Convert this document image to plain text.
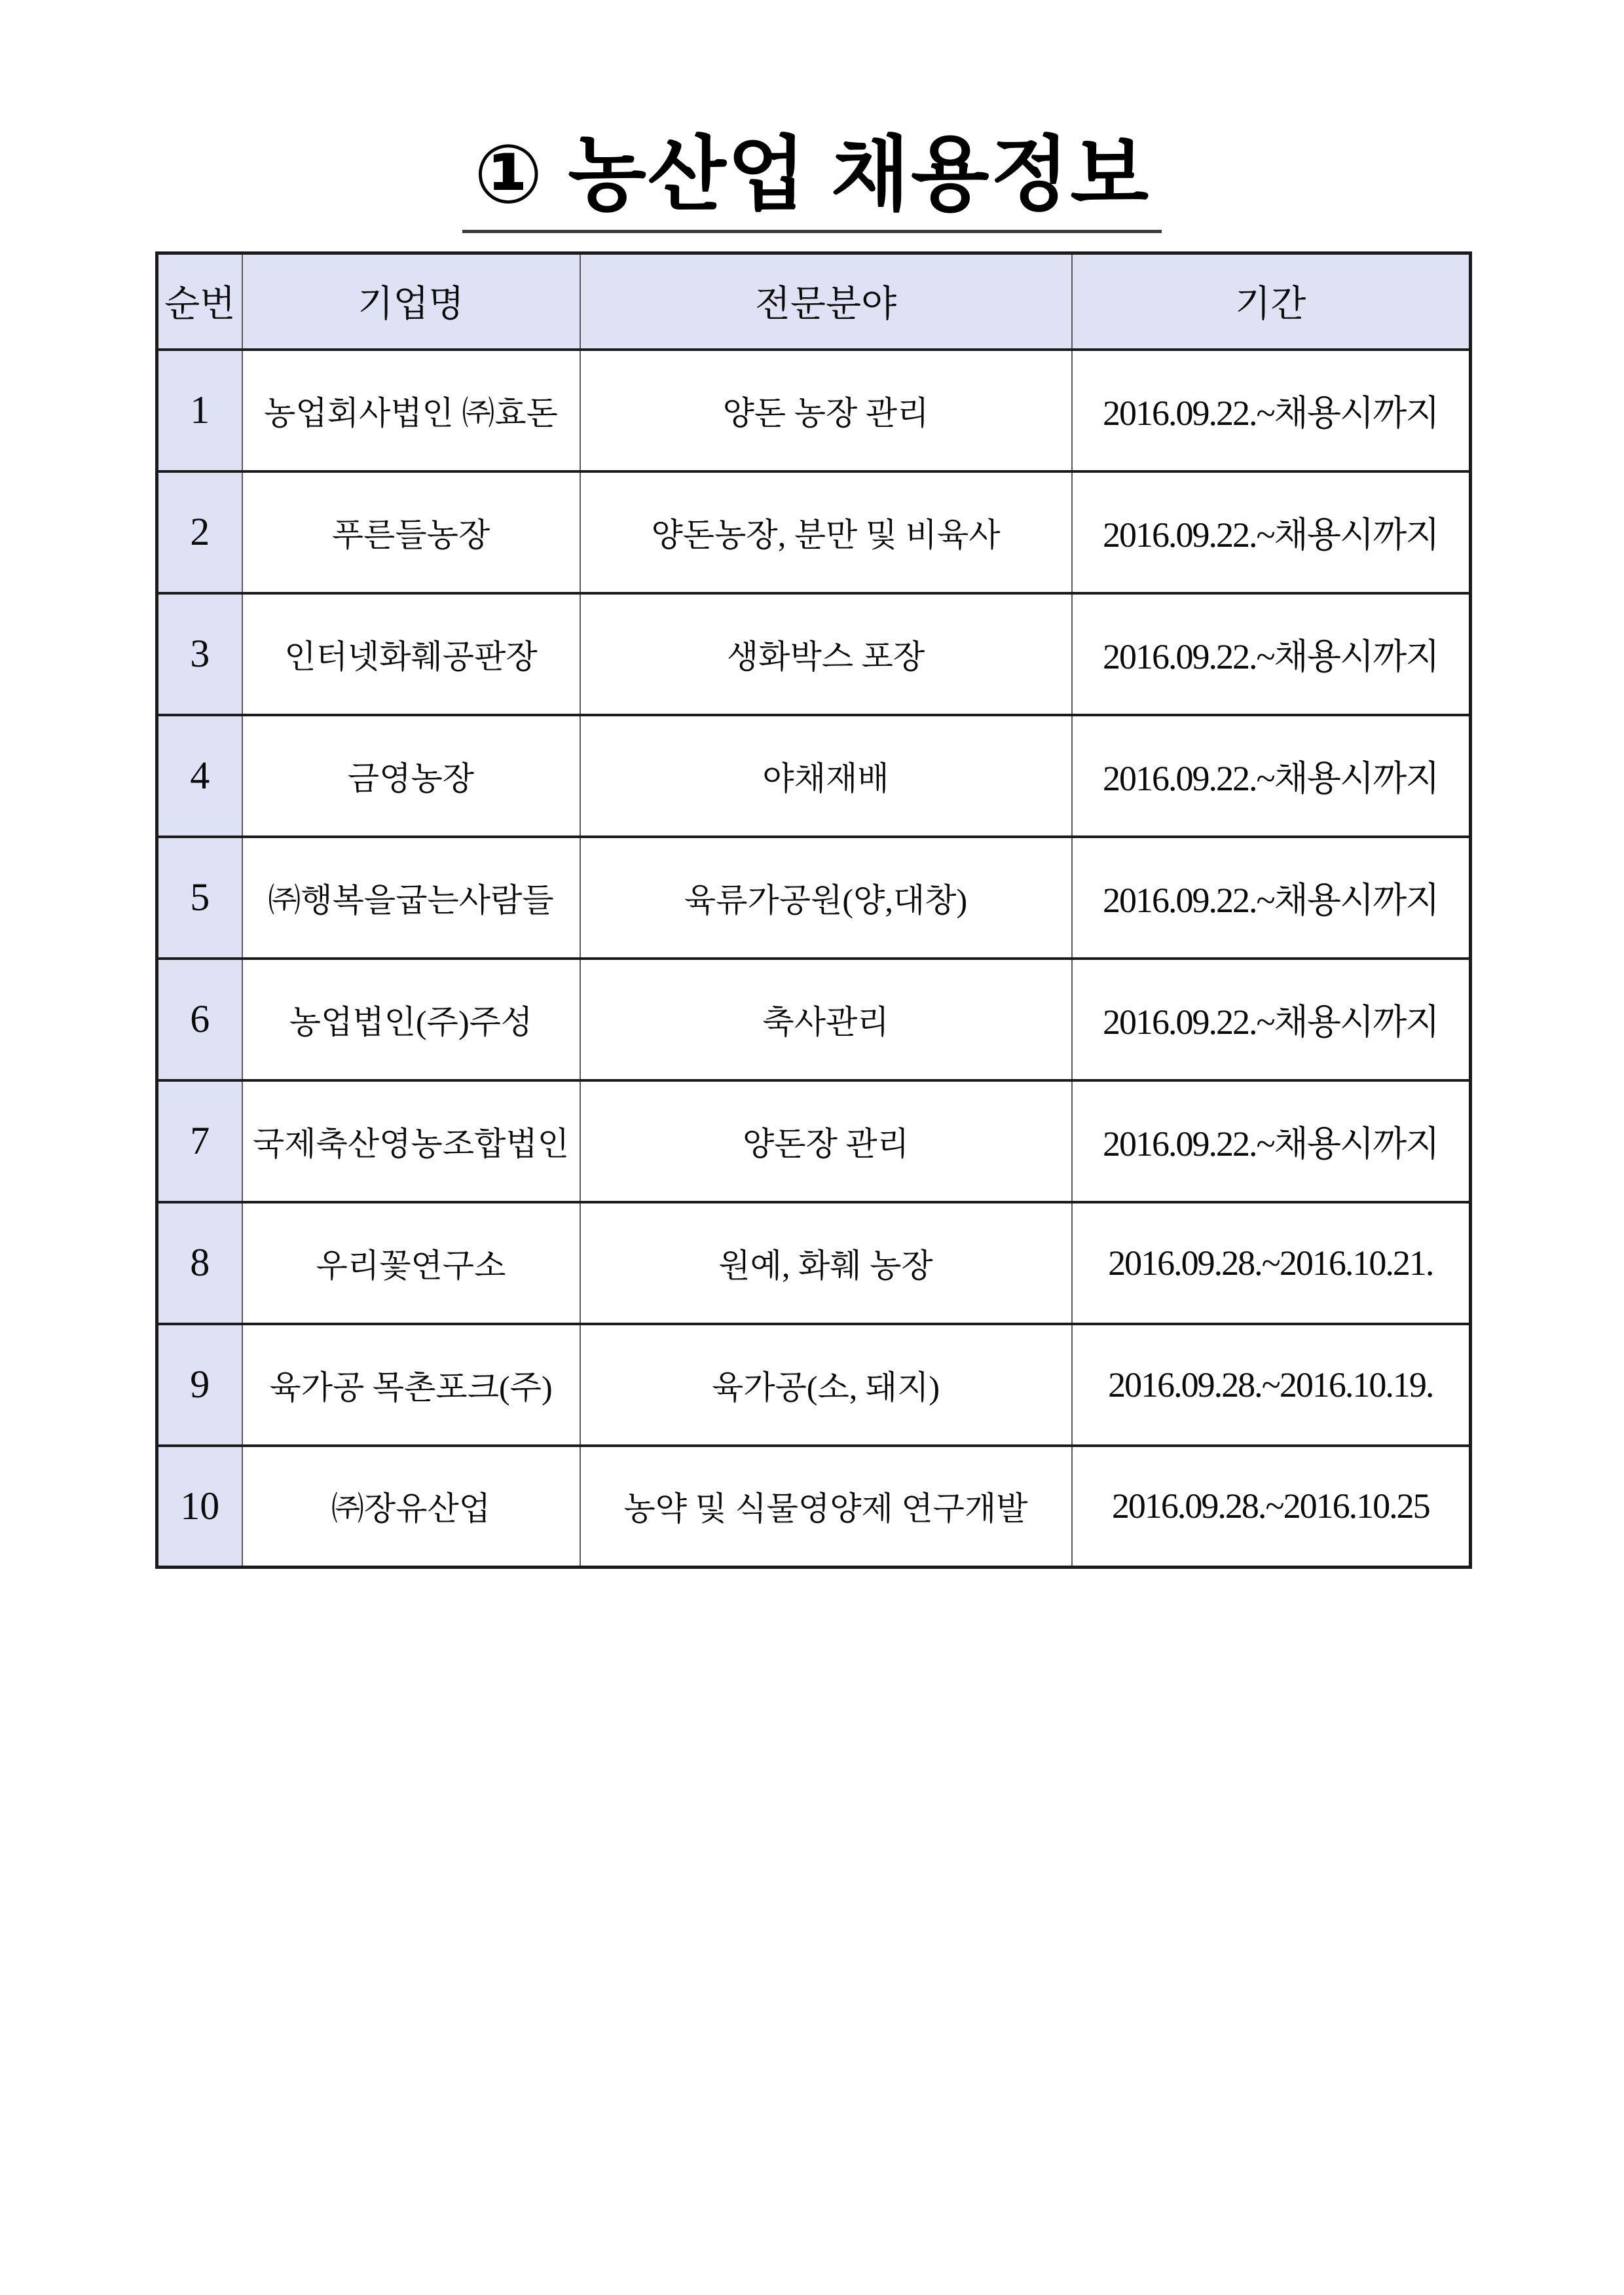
① 농산업 채용정보
순번	기업명	전문분야	기간
1	농업회사법인 ㈜효돈	양돈 농장 관리	2016.09.22.~채용시까지
2	푸른들농장	양돈농장, 분만 및 비육사	2016.09.22.~채용시까지
3	인터넷화훼공판장	생화박스 포장	2016.09.22.~채용시까지
4	금영농장	야채재배	2016.09.22.~채용시까지
5	㈜행복을굽는사람들	육류가공원(양,대창)	2016.09.22.~채용시까지
6	농업법인(주)주성	축사관리	2016.09.22.~채용시까지
7	국제축산영농조합법인	양돈장 관리	2016.09.22.~채용시까지
8	우리꽃연구소	원예, 화훼 농장	2016.09.28.~2016.10.21.
9	육가공 목촌포크(주)	육가공(소, 돼지)	2016.09.28.~2016.10.19.
10	㈜장유산업	농약 및 식물영양제 연구개발	2016.09.28.~2016.10.25
